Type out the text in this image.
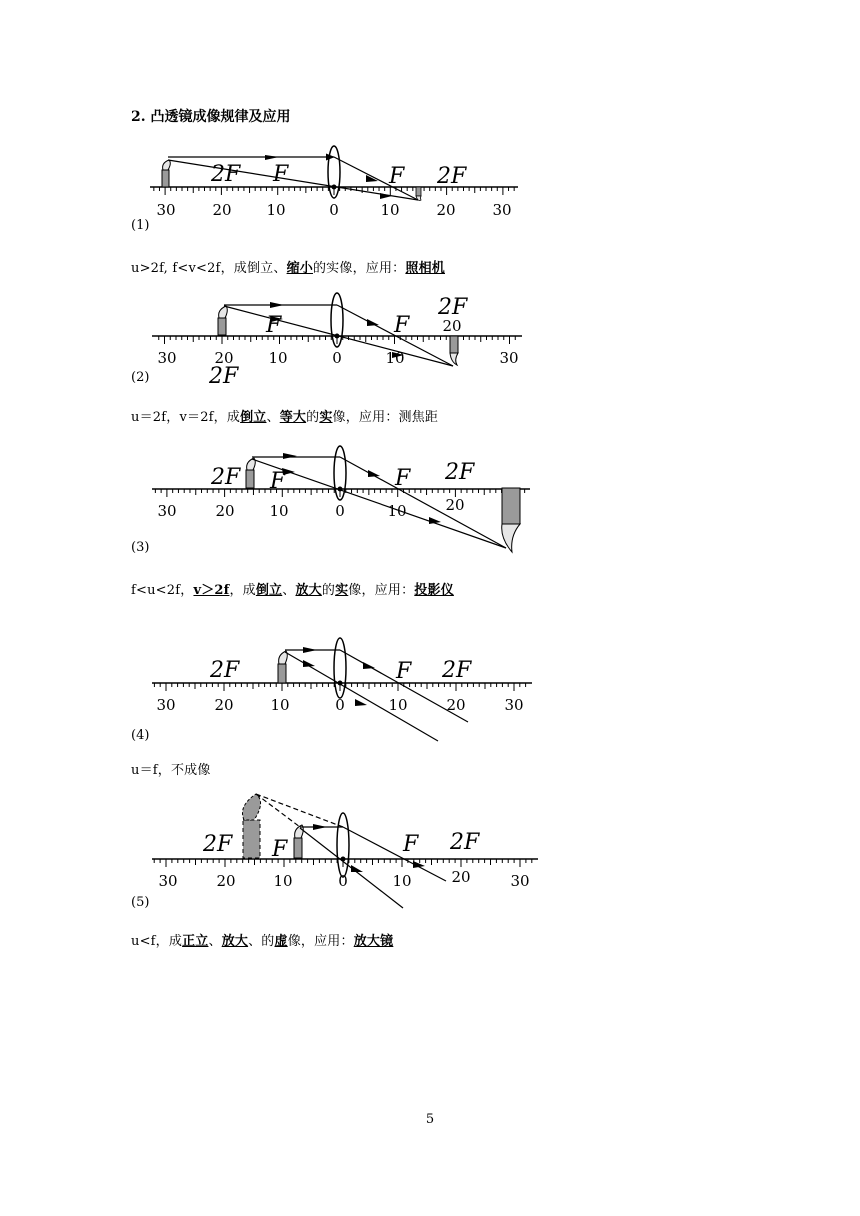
2. 凸透镜成像规律及应用
2F F	F 2F
30 20 10	0	10 20 30
F	F
2F
2F
30	20 10	0	10
20
30
2F F	F 2F
30	20 10	0	10	20
2F	F 2F
30	20 10	0	10	20	30
2F F	F 2F
30	20	10	0	10	20	30
(1)
(2)
(3)
(4)
(5)
u>2f, f<v<2f，成倒立、缩小的实像，应用：照相机
u＝2f，v＝2f，成倒立、等大的实像，应用：测焦距
f<u<2f，v＞2f，成倒立、放大的实像，应用：投影仪
u＝f，不成像
u<f，成正立、放大、的虚像，应用：放大镜
5
